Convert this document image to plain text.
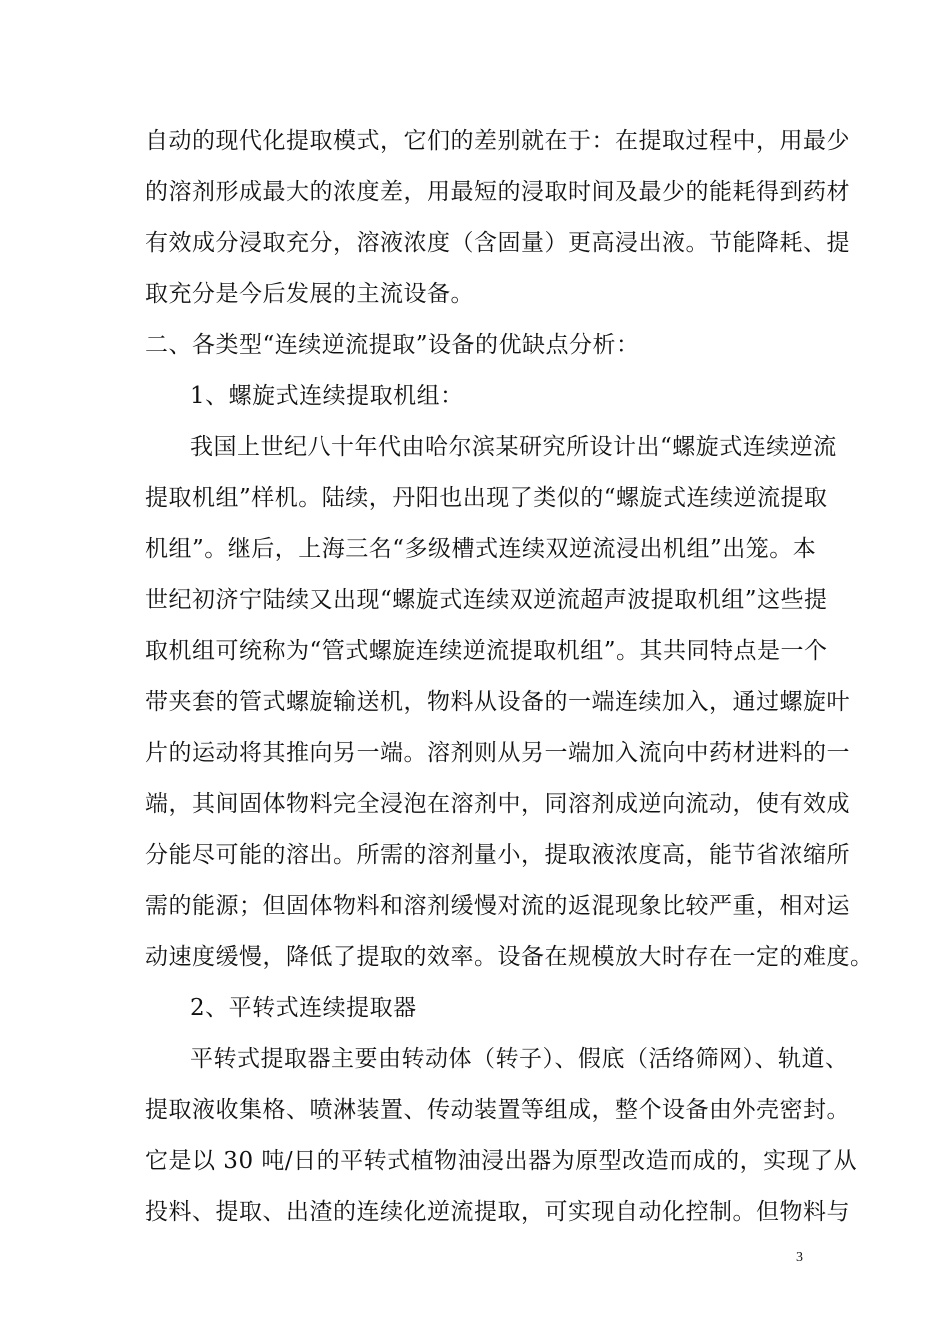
自动的现代化提取模式，它们的差别就在于：在提取过程中，用最少
的溶剂形成最大的浓度差，用最短的浸取时间及最少的能耗得到药材
有效成分浸取充分，溶液浓度（含固量）更高浸出液。节能降耗、提
取充分是今后发展的主流设备。
二、各类型“连续逆流提取”设备的优缺点分析：
1、螺旋式连续提取机组：
我国上世纪八十年代由哈尔滨某研究所设计出“螺旋式连续逆流
提取机组”样机。陆续，丹阳也出现了类似的“螺旋式连续逆流提取
机组”。继后，上海三名“多级槽式连续双逆流浸出机组”出笼。本
世纪初济宁陆续又出现“螺旋式连续双逆流超声波提取机组”这些提
取机组可统称为“管式螺旋连续逆流提取机组”。其共同特点是一个
带夹套的管式螺旋输送机，物料从设备的一端连续加入，通过螺旋叶
片的运动将其推向另一端。溶剂则从另一端加入流向中药材进料的一
端，其间固体物料完全浸泡在溶剂中，同溶剂成逆向流动，使有效成
分能尽可能的溶出。所需的溶剂量小，提取液浓度高，能节省浓缩所
需的能源；但固体物料和溶剂缓慢对流的返混现象比较严重，相对运
动速度缓慢，降低了提取的效率。设备在规模放大时存在一定的难度。
2、平转式连续提取器
平转式提取器主要由转动体（转子）、假底（活络筛网）、轨道、
提取液收集格、喷淋装置、传动装置等组成，整个设备由外壳密封。
它是以 30 吨/日的平转式植物油浸出器为原型改造而成的，实现了从
投料、提取、出渣的连续化逆流提取，可实现自动化控制。但物料与
3
